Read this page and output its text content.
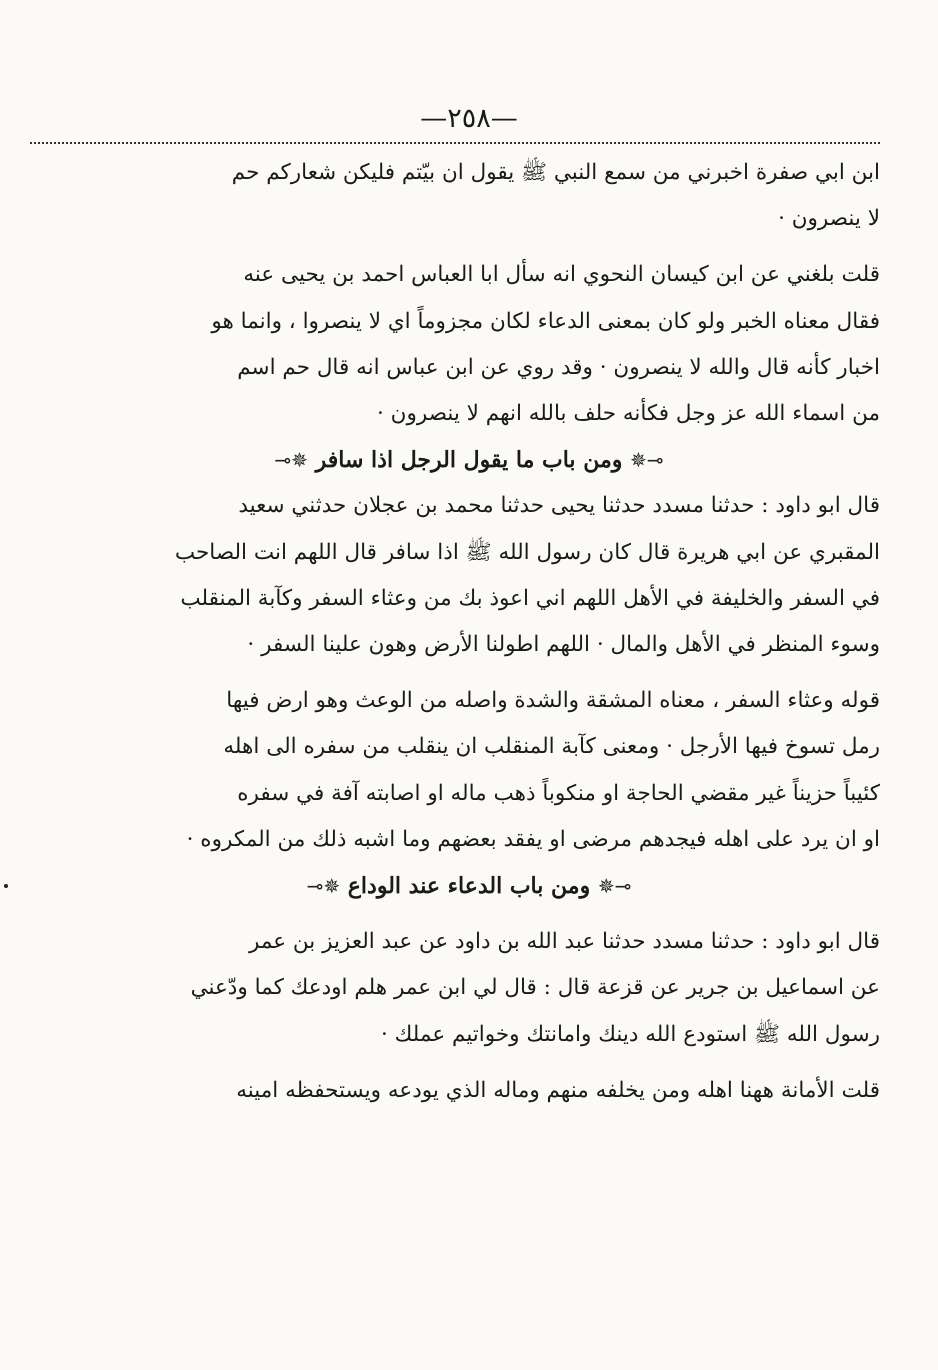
—٢٥٨—

ابن ابي صفرة اخبرني من سمع النبي ﷺ يقول ان بيّتم فليكن شعاركم حم

لا ينصرون ·

قلت بلغني عن ابن كيسان النحوي انه سأل ابا العباس احمد بن يحيى عنه

فقال معناه الخبر ولو كان بمعنى الدعاء لكان مجزوماً اي لا ينصروا ، وانما هو

اخبار كأنه قال والله لا ينصرون · وقد روي عن ابن عباس انه قال حم اسم

من اسماء الله عز وجل فكأنه حلف بالله انهم لا ينصرون ·

⊸✵ ومن باب ما يقول الرجل اذا سافر ✵⊸

قال ابو داود : حدثنا مسدد حدثنا يحيى حدثنا محمد بن عجلان حدثني سعيد

المقبري عن ابي هريرة قال كان رسول الله ﷺ اذا سافر قال اللهم انت الصاحب

في السفر والخليفة في الأهل اللهم اني اعوذ بك من وعثاء السفر وكآبة المنقلب

وسوء المنظر في الأهل والمال · اللهم اطولنا الأرض وهون علينا السفر ·

قوله وعثاء السفر ، معناه المشقة والشدة واصله من الوعث وهو ارض فيها

رمل تسوخ فيها الأرجل · ومعنى كآبة المنقلب ان ينقلب من سفره الى اهله

كئيباً حزيناً غير مقضي الحاجة او منكوباً ذهب ماله او اصابته آفة في سفره

او ان يرد على اهله فيجدهم مرضى او يفقد بعضهم وما اشبه ذلك من المكروه ·

⊸✵ ومن باب الدعاء عند الوداع ✵⊸

قال ابو داود : حدثنا مسدد حدثنا عبد الله بن داود عن عبد العزيز بن عمر

عن اسماعيل بن جرير عن قزعة قال : قال لي ابن عمر هلم اودعك كما ودّعني

رسول الله ﷺ استودع الله دينك وامانتك وخواتيم عملك ·

قلت الأمانة ههنا اهله ومن يخلفه منهم وماله الذي يودعه ويستحفظه امينه
